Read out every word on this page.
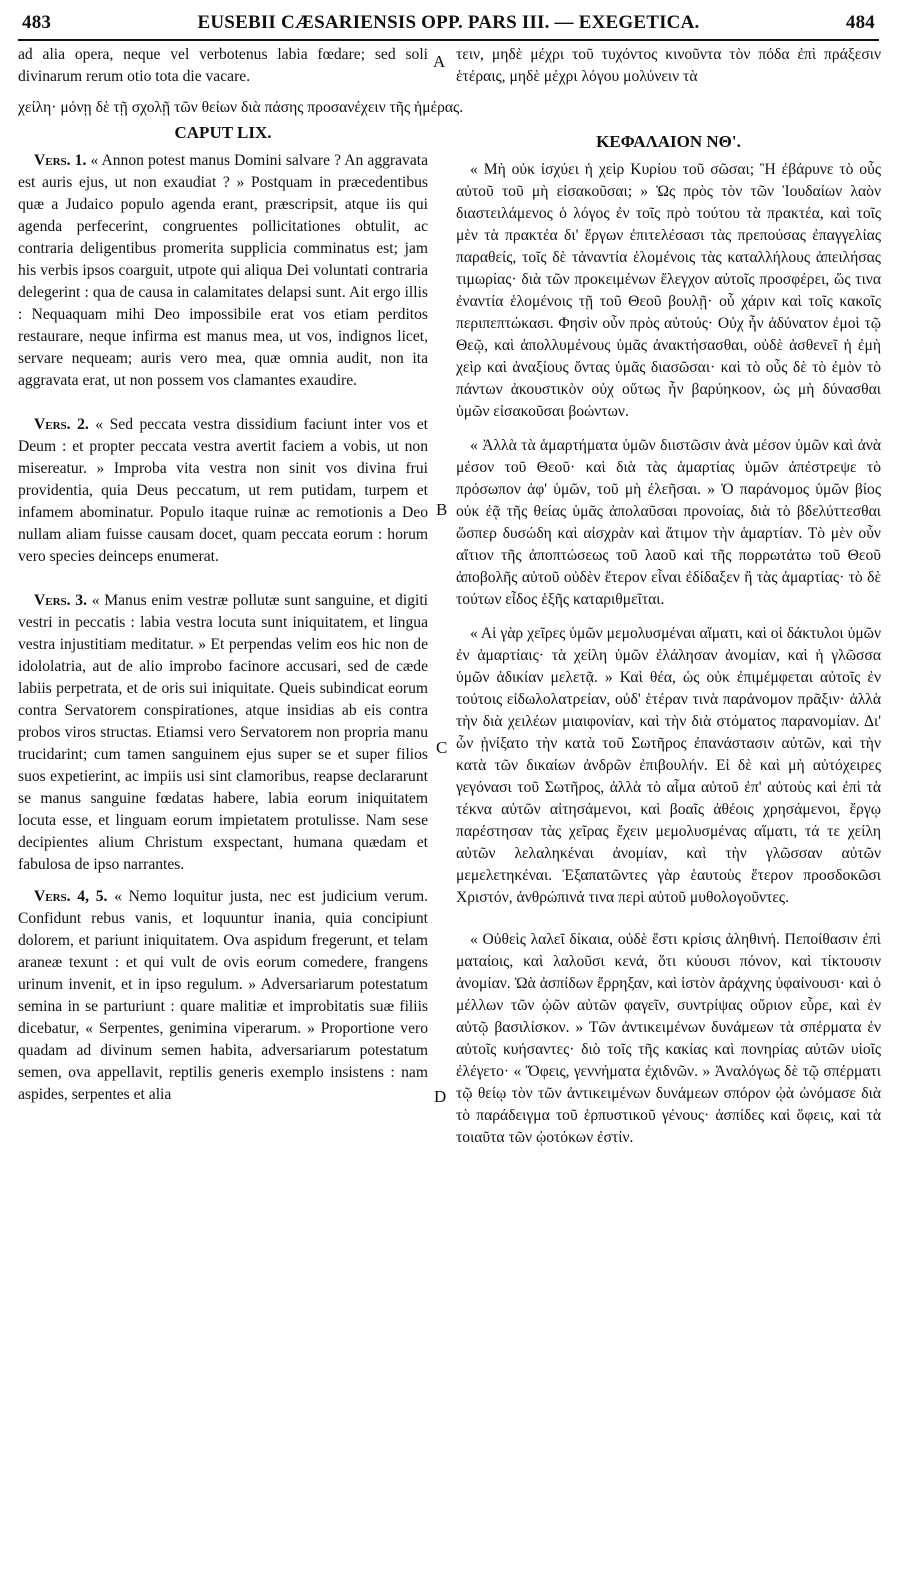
483	EUSEBII CÆSARIENSIS OPP. PARS III. — EXEGETICA.	484

ad alia opera, neque vel verbotenus labia fœdare; sed soli divinarum rerum otio tota die vacare.

CAPUT LIX.

Vers. 1. « Annon potest manus Domini salvare ? An aggravata est auris ejus, ut non exaudiat ? » Postquam in præcedentibus quæ a Judaico populo agenda erant, præscripsit, atque iis qui agenda perfecerint, congruentes pollicitationes obtulit, ac contraria deligentibus promerita supplicia comminatus est; jam his verbis ipsos coarguit, utpote qui aliqua Dei voluntati contraria delegerint : qua de causa in calamitates delapsi sunt. Ait ergo illis : Nequaquam mihi Deo impossibile erat vos etiam perditos restaurare, neque infirma est manus mea, ut vos, indignos licet, servare nequeam; auris vero mea, quæ omnia audit, non ita aggravata erat, ut non possem vos clamantes exaudire.

Vers. 2. « Sed peccata vestra dissidium faciunt inter vos et Deum : et propter peccata vestra avertit faciem a vobis, ut non misereatur. » Improba vita vestra non sinit vos divina frui providentia, quia Deus peccatum, ut rem putidam, turpem et infamem abominatur. Populo itaque ruinæ ac remotionis a Deo nullam aliam fuisse causam docet, quam peccata eorum : horum vero species deinceps enumerat.

Vers. 3. « Manus enim vestræ pollutæ sunt sanguine, et digiti vestri in peccatis : labia vestra locuta sunt iniquitatem, et lingua vestra injustitiam meditatur. » Et perpendas velim eos hic non de idololatria, aut de alio improbo facinore accusari, sed de cæde labiis perpetrata, et de oris sui iniquitate. Queis subindicat eorum contra Servatorem conspirationes, atque insidias ab eis contra probos viros structas. Etiamsi vero Servatorem non propria manu trucidarint; cum tamen sanguinem ejus super se et super filios suos expetierint, ac impiis usi sint clamoribus, reapse declararunt se manus sanguine fœdatas habere, labia eorum iniquitatem locuta esse, et linguam eorum impietatem protulisse. Nam sese decipientes alium Christum exspectant, humana quædam et fabulosa de ipso narrantes.

Vers. 4, 5. « Nemo loquitur justa, nec est judicium verum. Confidunt rebus vanis, et loquuntur inania, quia concipiunt dolorem, et pariunt iniquitatem. Ova aspidum fregerunt, et telam araneæ texunt : et qui vult de ovis eorum comedere, frangens urinum invenit, et in ipso regulum. » Adversariarum potestatum semina in se parturiunt : quare malitiæ et improbitatis suæ filiis dicebatur, « Serpentes, genimina viperarum. » Proportione vero quadam ad divinum semen habita, adversariarum potestatum semen, ova appellavit, reptilis generis exemplo insistens : nam aspides, serpentes et alia

τειν, μηδὲ μέχρι τοῦ τυχόντος κινοῦντα τὸν πόδα ἐπὶ πράξεσιν ἑτέραις, μηδὲ μέχρι λόγου μολύνειν τὰ

χείλη· μόνῃ δὲ τῇ σχολῇ τῶν θείων διὰ πάσης προσανέχειν τῆς ἡμέρας.
ΚΕΦΑΛΑΙΟΝ ΝΘ'.

« Μὴ οὐκ ἰσχύει ἡ χεὶρ Κυρίου τοῦ σῶσαι; Ἢ ἐβάρυνε τὸ οὖς αὐτοῦ τοῦ μὴ εἰσακοῦσαι; » Ὡς πρὸς τὸν τῶν Ἰουδαίων λαὸν διαστειλάμενος ὁ λόγος ἐν τοῖς πρὸ τούτου τὰ πρακτέα, καὶ τοῖς μὲν τὰ πρακτέα δι' ἔργων ἐπιτελέσασι τὰς πρεπούσας ἐπαγγελίας παραθείς, τοῖς δὲ τἀναντία ἑλομένοις τὰς καταλλήλους ἀπειλήσας τιμωρίας· διὰ τῶν προκειμένων ἔλεγχον αὐτοῖς προσφέρει, ὥς τινα ἐναντία ἑλομένοις τῇ τοῦ Θεοῦ βουλῇ· οὗ χάριν καὶ τοῖς κακοῖς περιπεπτώκασι. Φησὶν οὖν πρὸς αὐτούς· Οὐχ ἦν ἀδύνατον ἐμοὶ τῷ Θεῷ, καὶ ἀπολλυμένους ὑμᾶς ἀνακτήσασθαι, οὐδὲ ἀσθενεῖ ἡ ἐμὴ χεὶρ καὶ ἀναξίους ὄντας ὑμᾶς διασῶσαι· καὶ τὸ οὖς δὲ τὸ ἐμὸν τὸ πάντων ἀκουστικὸν οὐχ οὕτως ἦν βαρύηκοον, ὡς μὴ δύνασθαι ὑμῶν εἰσακοῦσαι βοώντων.

« Ἀλλὰ τὰ ἁμαρτήματα ὑμῶν διιστῶσιν ἀνὰ μέσον ὑμῶν καὶ ἀνὰ μέσον τοῦ Θεοῦ· καὶ διὰ τὰς ἁμαρτίας ὑμῶν ἀπέστρεψε τὸ πρόσωπον ἀφ' ὑμῶν, τοῦ μὴ ἐλεῆσαι. » Ὁ παράνομος ὑμῶν βίος οὐκ ἐᾷ τῆς θείας ὑμᾶς ἀπολαῦσαι προνοίας, διὰ τὸ βδελύττεσθαι ὥσπερ δυσώδη καὶ αἰσχρὰν καὶ ἄτιμον τὴν ἁμαρτίαν. Τὸ μὲν οὖν αἴτιον τῆς ἀποπτώσεως τοῦ λαοῦ καὶ τῆς πορρωτάτω τοῦ Θεοῦ ἀποβολῆς αὐτοῦ οὐδὲν ἕτερον εἶναι ἐδίδαξεν ἢ τὰς ἁμαρτίας· τὸ δὲ τούτων εἶδος ἑξῆς καταριθμεῖται.

« Αἱ γὰρ χεῖρες ὑμῶν μεμολυσμέναι αἵματι, καὶ οἱ δάκτυλοι ὑμῶν ἐν ἁμαρτίαις· τὰ χείλη ὑμῶν ἐλάλησαν ἀνομίαν, καὶ ἡ γλῶσσα ὑμῶν ἀδικίαν μελετᾷ. » Καὶ θέα, ὡς οὐκ ἐπιμέμφεται αὐτοῖς ἐν τούτοις εἰδωλολατρείαν, οὐδ' ἑτέραν τινὰ παράνομον πρᾶξιν· ἀλλὰ τὴν διὰ χειλέων μιαιφονίαν, καὶ τὴν διὰ στόματος παρανομίαν. Δι' ὧν ᾐνίξατο τὴν κατὰ τοῦ Σωτῆρος ἐπανάστασιν αὐτῶν, καὶ τὴν κατὰ τῶν δικαίων ἀνδρῶν ἐπιβουλήν. Εἰ δὲ καὶ μὴ αὐτόχειρες γεγόνασι τοῦ Σωτῆρος, ἀλλὰ τὸ αἷμα αὐτοῦ ἐπ' αὐτοὺς καὶ ἐπὶ τὰ τέκνα αὐτῶν αἰτησάμενοι, καὶ βοαῖς ἀθέοις χρησάμενοι, ἔργῳ παρέστησαν τὰς χεῖρας ἔχειν μεμολυσμένας αἵματι, τά τε χείλη αὐτῶν λελαληκέναι ἀνομίαν, καὶ τὴν γλῶσσαν αὐτῶν μεμελετηκέναι. Ἐξαπατῶντες γὰρ ἑαυτοὺς ἕτερον προσδοκῶσι Χριστόν, ἀνθρώπινά τινα περὶ αὐτοῦ μυθολογοῦντες.

« Οὐθεὶς λαλεῖ δίκαια, οὐδὲ ἔστι κρίσις ἀληθινή. Πεποίθασιν ἐπὶ ματαίοις, καὶ λαλοῦσι κενά, ὅτι κύουσι πόνον, καὶ τίκτουσιν ἀνομίαν. Ὠὰ ἀσπίδων ἔρρηξαν, καὶ ἱστὸν ἀράχνης ὑφαίνουσι· καὶ ὁ μέλλων τῶν ᾠῶν αὐτῶν φαγεῖν, συντρίψας οὔριον εὗρε, καὶ ἐν αὐτῷ βασιλίσκον. » Τῶν ἀντικειμένων δυνάμεων τὰ σπέρματα ἐν αὐτοῖς κυήσαντες· διὸ τοῖς τῆς κακίας καὶ πονηρίας αὐτῶν υἱοῖς ἐλέγετο· « Ὄφεις, γεννήματα ἐχιδνῶν. » Ἀναλόγως δὲ τῷ σπέρματι τῷ θείῳ τὸν τῶν ἀντικειμένων δυνάμεων σπόρον ᾠὰ ὠνόμασε διὰ τὸ παράδειγμα τοῦ ἑρπυστικοῦ γένους· ἀσπίδες καὶ ὄφεις, καὶ τὰ τοιαῦτα τῶν ᾠοτόκων ἐστίν.

A
B
C
D
